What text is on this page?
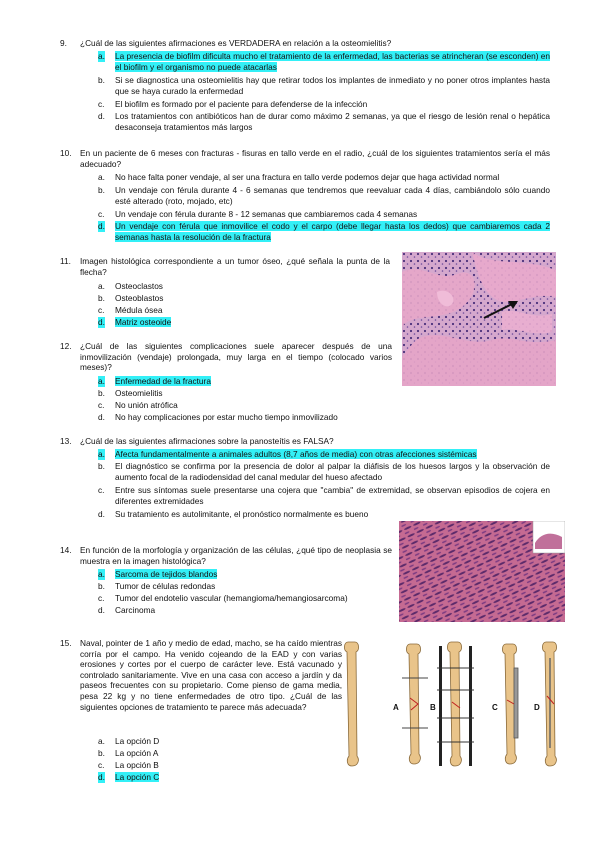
9.	¿Cuál de las siguientes afirmaciones es VERDADERA en relación a la osteomielitis?
a. La presencia de biofilm dificulta mucho el tratamiento de la enfermedad, las bacterias se atrincheran (se esconden) en el biofilm y el organismo no puede atacarlas
b. Si se diagnostica una osteomielitis hay que retirar todos los implantes de inmediato y no poner otros implantes hasta que se haya curado la enfermedad
c. El biofilm es formado por el paciente para defenderse de la infección
d. Los tratamientos con antibióticos han de durar como máximo 2 semanas, ya que el riesgo de lesión renal o hepática desaconseja tratamientos más largos
10.	En un paciente de 6 meses con fracturas - fisuras en tallo verde en el radio, ¿cuál de los siguientes tratamientos sería el más adecuado?
a. No hace falta poner vendaje, al ser una fractura en tallo verde podemos dejar que haga actividad normal
b. Un vendaje con férula durante 4 - 6 semanas que tendremos que reevaluar cada 4 días, cambiándolo sólo cuando esté alterado (roto, mojado, etc)
c. Un vendaje con férula durante 8 - 12 semanas que cambiaremos cada 4 semanas
d. Un vendaje con férula que inmovilice el codo y el carpo (debe llegar hasta los dedos) que cambiaremos cada 2 semanas hasta la resolución de la fractura
11.	Imagen histológica correspondiente a un tumor óseo, ¿qué señala la punta de la flecha?
a. Osteoclastos
b. Osteoblastos
c. Médula ósea
d. Matriz osteoide
12.	¿Cuál de las siguientes complicaciones suele aparecer después de una inmovilización (vendaje) prolongada, muy larga en el tiempo (colocado varios meses)?
a. Enfermedad de la fractura
b. Osteomielitis
c. No unión atrófica
d. No hay complicaciones por estar mucho tiempo inmovilizado
13.	¿Cuál de las siguientes afirmaciones sobre la panosteítis es FALSA?
a. Afecta fundamentalmente a animales adultos (8,7 años de media) con otras afecciones sistémicas
b. El diagnóstico se confirma por la presencia de dolor al palpar la diáfisis de los huesos largos y la observación de aumento focal de la radiodensidad del canal medular del hueso afectado
c. Entre sus síntomas suele presentarse una cojera que "cambia" de extremidad, se observan episodios de cojera en diferentes extremidades
d. Su tratamiento es autolimitante, el pronóstico normalmente es bueno
14.	En función de la morfología y organización de las células, ¿qué tipo de neoplasia se muestra en la imagen histológica?
a. Sarcoma de tejidos blandos
b. Tumor de células redondas
c. Tumor del endotelio vascular (hemangioma/hemangiosarcoma)
d. Carcinoma
15.	Naval, pointer de 1 año y medio de edad, macho, se ha caído mientras corría por el campo. Ha venido cojeando de la EAD y con varias erosiones y cortes por el cuerpo de carácter leve. Está vacunado y controlado sanitariamente. Vive en una casa con acceso a jardín y da paseos frecuentes con su propietario. Come pienso de gama media, pesa 22 kg y no tiene enfermedades de otro tipo. ¿Cuál de las siguientes opciones de tratamiento te parece más adecuada?
a. La opción D
b. La opción A
c. La opción B
d. La opción C
A	B	C	D
